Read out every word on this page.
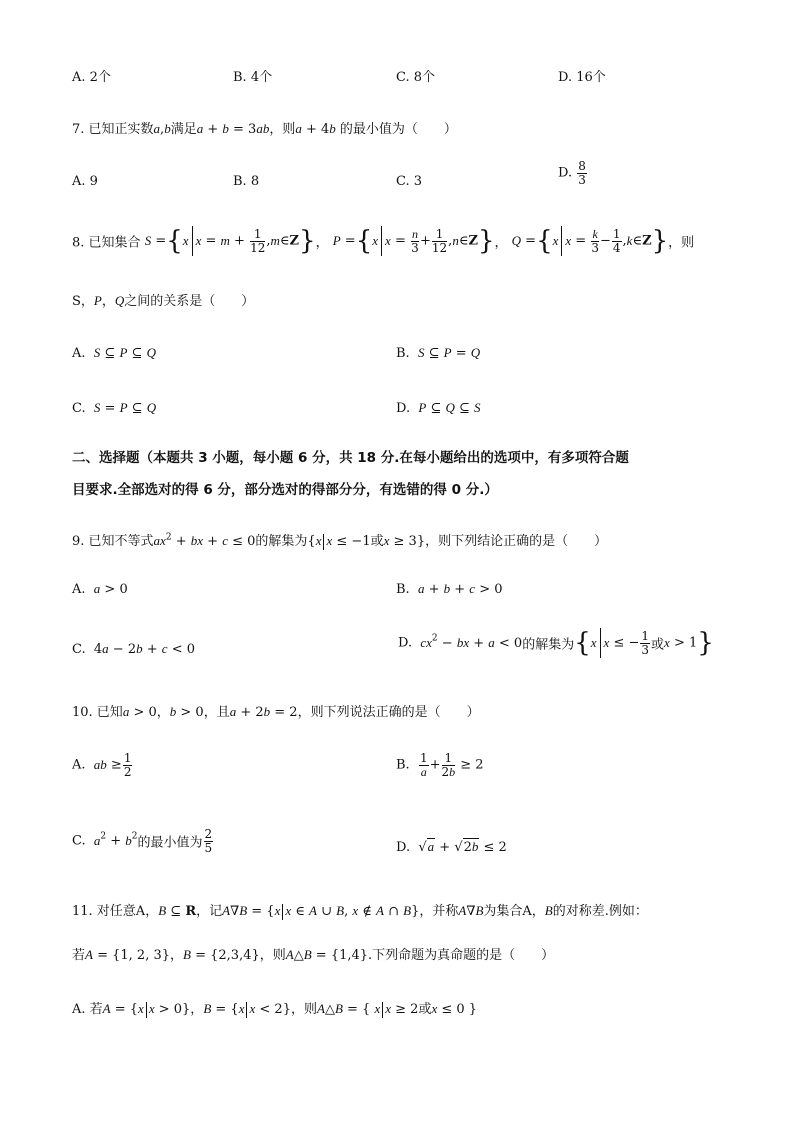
A. 2个	B. 4个	C. 8个	D. 16个
7. 已知正实数a,b满足a + b = 3ab，则a + 4b 的最小值为（　　）
A. 9	B. 8	C. 3
D. $\frac{8}{3}$
8. 已知集合 S ={x $x = m + \frac{1}{12}$ ,m∈Z}， P ={x $x = \frac{n}{3} + \frac{1}{12}$ ,n∈Z}， Q ={x $x = \frac{k}{3} - \frac{1}{4}$ ,k∈Z}，则
S，P，Q之间的关系是（　　）
A. S ⊆ P ⊆ Q	B. S ⊆ P = Q
C. S = P ⊆ Q	D. P ⊆ Q ⊆ S
二、选择题（本题共 3 小题，每小题 6 分，共 18 分.在每小题给出的选项中，有多项符合题
目要求.全部选对的得 6 分，部分选对的得部分分，有选错的得 0 分.）
9. 已知不等式$ax^2$ + bx + c ≤ 0的解集为{x x ≤ −1或x ≥ 3}，则下列结论正确的是（　　）
A. a > 0	B. a + b + c > 0
C.  4a − 2b + c < 0	D. $cx^2$ − bx + a < 0的解集为{x x ≤ − $\frac{1}{3}$ 或x > 1}
10. 已知a > 0，b > 0，且a + 2b = 2，则下列说法正确的是（　　）
A. ab ≥ $\frac{1}{2}$	B. $\frac{1}{a} + \frac{1}{2b} \ge 2$
C. $a^2 + b^2$的最小值为 $\frac{2}{5}$	D.  √a + √2b ≤ 2
11. 对任意A，B ⊆ R，记A∇B = {x x ∈ A ∪ B, x ∉ A ∩ B}，并称A∇B为集合A，B的对称差.例如：
若A = {1, 2, 3}，B = {2,3,4}，则A△B = {1,4}.下列命题为真命题的是（　　）
A. 若A = {x x > 0}，B = {x x < 2}，则A△B = { x x ≥ 2或x ≤ 0 }
